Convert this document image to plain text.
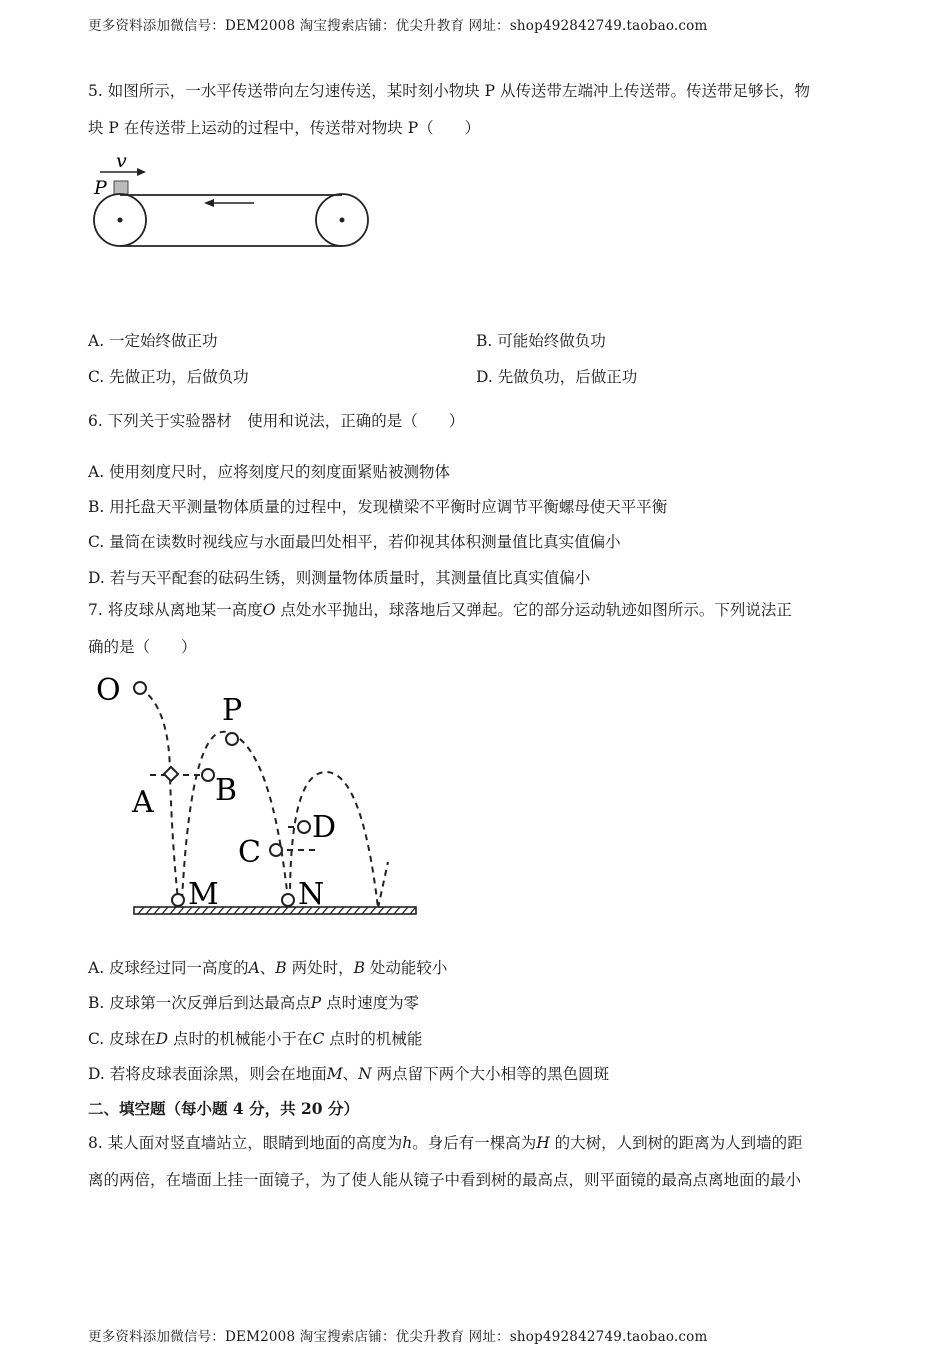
更多资料添加微信号：DEM2008 淘宝搜索店铺：优尖升教育 网址：shop492842749.taobao.com
5. 如图所示，一水平传送带向左匀速传送，某时刻小物块 P 从传送带左端冲上传送带。传送带足够长，物
块 P 在传送带上运动的过程中，传送带对物块 P（　　）
v
P
A. 一定始终做正功	B. 可能始终做负功
C. 先做正功，后做负功	D. 先做负功，后做正功
6. 下列关于实验器材　使用和说法，正确的是（　　）
A. 使用刻度尺时，应将刻度尺的刻度面紧贴被测物体
B. 用托盘天平测量物体质量的过程中，发现横梁不平衡时应调节平衡螺母使天平平衡
C. 量筒在读数时视线应与水面最凹处相平，若仰视其体积测量值比真实值偏小
D. 若与天平配套的砝码生锈，则测量物体质量时，其测量值比真实值偏小
7. 将皮球从离地某一高度O 点处水平抛出，球落地后又弹起。它的部分运动轨迹如图所示。下列说法正
确的是（　　）
O
P
A B
C
D
M	N
A. 皮球经过同一高度的A、B 两处时，B 处动能较小
B. 皮球第一次反弹后到达最高点P 点时速度为零
C. 皮球在D 点时的机械能小于在C 点时的机械能
D. 若将皮球表面涂黑，则会在地面M、N 两点留下两个大小相等的黑色圆斑
二、填空题（每小题 4 分，共 20 分）
8. 某人面对竖直墙站立，眼睛到地面的高度为h。身后有一棵高为H 的大树，人到树的距离为人到墙的距
离的两倍，在墙面上挂一面镜子，为了使人能从镜子中看到树的最高点，则平面镜的最高点离地面的最小
更多资料添加微信号：DEM2008 淘宝搜索店铺：优尖升教育 网址：shop492842749.taobao.com
